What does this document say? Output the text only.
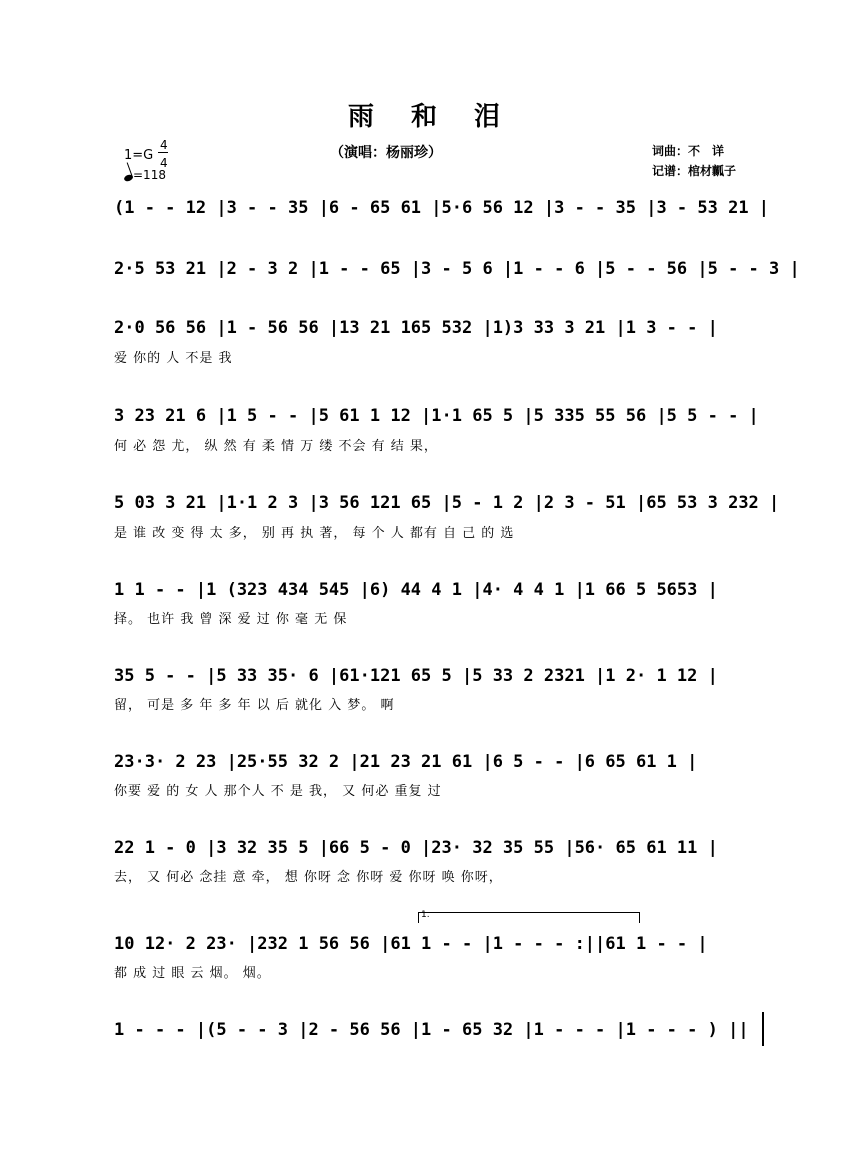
雨 和 泪
（演唱：杨丽珍）	词曲：不　详
记谱：棺材瓤子
1=G
4
4
=118
(1 - - 12 |3 - - 35 |6 - 65 61 |5·6 56 12 |3 - - 35 |3 - 53 21 |
2·5 53 21 |2 - 3 2 |1 - - 65 |3 - 5 6 |1 - - 6 |5 - - 56 |5 - - 3 |
2·0 56 56 |1 - 56 56 |13 21 165 532 |1)3 33 3 21 |1 3 - - |
爱 你的 人 不是 我
3 23 21 6 |1 5 - - |5 61 1 12 |1·1 65 5 |5 335 55 56 |5 5 - - |
何 必 怨 尤， 纵 然 有 柔 情 万 缕 不会 有 结 果，
5 03 3 21 |1·1 2 3 |3 56 121 65 |5 - 1 2 |2 3 - 51 |65 53 3 232 |
是 谁 改 变 得 太 多， 别 再 执 著， 每 个 人 都有 自 己 的 选
1 1 - - |1 (323 434 545 |6) 44 4 1 |4· 4 4 1 |1 66 5 5653 |
择。 也许 我 曾 深 爱 过 你 毫 无 保
35 5 - - |5 33 35· 6 |61·121 65 5 |5 33 2 2321 |1 2· 1 12 |
留， 可是 多 年 多 年 以 后 就化 入 梦。 啊
23·3· 2 23 |25·55 32 2 |21 23 21 61 |6 5 - - |6 65 61 1 |
你要 爱 的 女 人 那个人 不 是 我， 又 何必 重复 过
22 1 - 0 |3 32 35 5 |66 5 - 0 |23· 32 35 55 |56· 65 61 11 |
去， 又 何必 念挂 意 牵， 想 你呀 念 你呀 爱 你呀 唤 你呀，
1.
10 12· 2 23· |232 1 56 56 |61 1 - - |1 - - - :||61 1 - - |
都 成 过 眼 云 烟。 烟。
1 - - - |(5 - - 3 |2 - 56 56 |1 - 65 32 |1 - - - |1 - - - ) ||
